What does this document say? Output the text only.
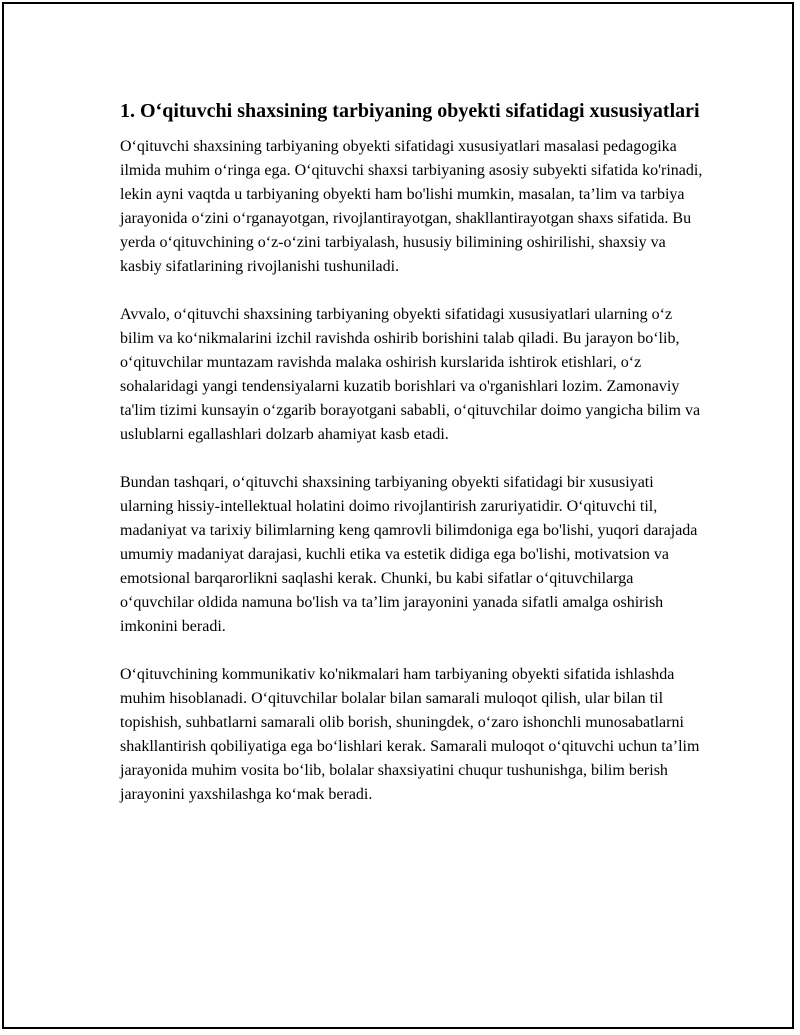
1. O‘qituvchi shaxsining tarbiyaning obyekti sifatidagi xususiyatlari

O‘qituvchi shaxsining tarbiyaning obyekti sifatidagi xususiyatlari masalasi pedagogika ilmida muhim o‘ringa ega. O‘qituvchi shaxsi tarbiyaning asosiy subyekti sifatida ko'rinadi, lekin ayni vaqtda u tarbiyaning obyekti ham bo'lishi mumkin, masalan, ta’lim va tarbiya jarayonida o‘zini o‘rganayotgan, rivojlantirayotgan, shakllantirayotgan shaxs sifatida. Bu yerda o‘qituvchining o‘z-o‘zini tarbiyalash, hususiy bilimining oshirilishi, shaxsiy va kasbiy sifatlarining rivojlanishi tushuniladi.

Avvalo, o‘qituvchi shaxsining tarbiyaning obyekti sifatidagi xususiyatlari ularning o‘z bilim va ko‘nikmalarini izchil ravishda oshirib borishini talab qiladi. Bu jarayon bo‘lib, o‘qituvchilar muntazam ravishda malaka oshirish kurslarida ishtirok etishlari, o‘z sohalaridagi yangi tendensiyalarni kuzatib borishlari va o'rganishlari lozim. Zamonaviy ta'lim tizimi kunsayin o‘zgarib borayotgani sababli, o‘qituvchilar doimo yangicha bilim va uslublarni egallashlari dolzarb ahamiyat kasb etadi.

Bundan tashqari, o‘qituvchi shaxsining tarbiyaning obyekti sifatidagi bir xususiyati ularning hissiy-intellektual holatini doimo rivojlantirish zaruriyatidir. O‘qituvchi til, madaniyat va tarixiy bilimlarning keng qamrovli bilimdoniga ega bo'lishi, yuqori darajada umumiy madaniyat darajasi, kuchli etika va estetik didiga ega bo'lishi, motivatsion va emotsional barqarorlikni saqlashi kerak. Chunki, bu kabi sifatlar o‘qituvchilarga o‘quvchilar oldida namuna bo'lish va ta’lim jarayonini yanada sifatli amalga oshirish imkonini beradi.

O‘qituvchining kommunikativ ko'nikmalari ham tarbiyaning obyekti sifatida ishlashda muhim hisoblanadi. O‘qituvchilar bolalar bilan samarali muloqot qilish, ular bilan til topishish, suhbatlarni samarali olib borish, shuningdek, o‘zaro ishonchli munosabatlarni shakllantirish qobiliyatiga ega bo‘lishlari kerak. Samarali muloqot o‘qituvchi uchun ta’lim jarayonida muhim vosita bo‘lib, bolalar shaxsiyatini chuqur tushunishga, bilim berish jarayonini yaxshilashga ko‘mak beradi.
